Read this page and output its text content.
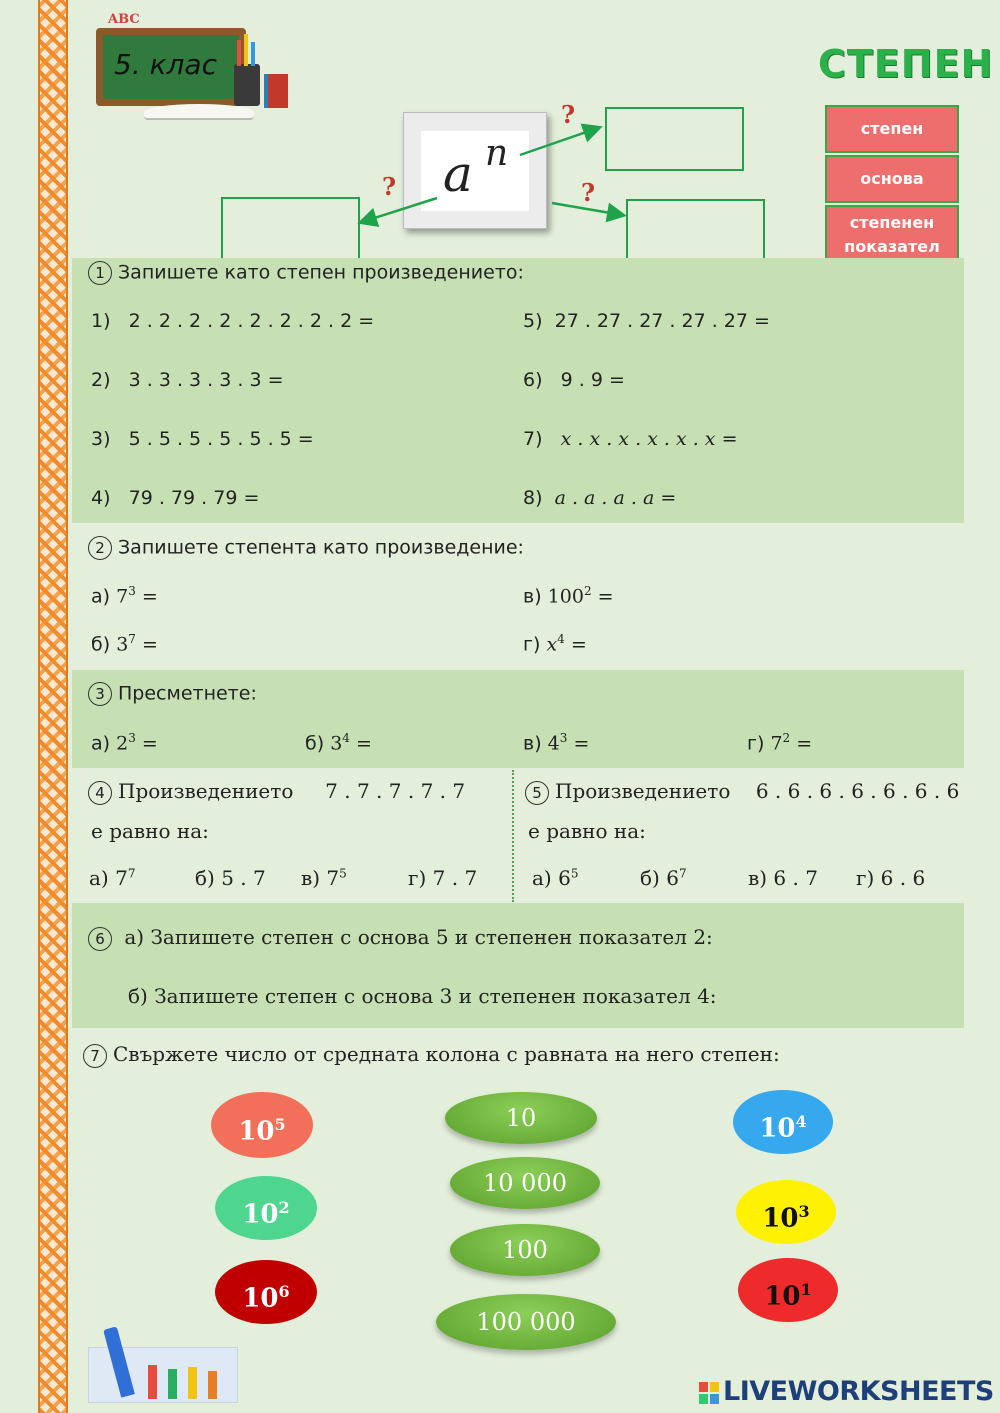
ABC
5. клас	СТЕПЕН
a n
?
?	?
степен
основа
степенен показател
1 Запишете като степен произведението:
1) 2 . 2 . 2 . 2 . 2 . 2 . 2 . 2 =
2) 3 . 3 . 3 . 3 . 3 =
3) 5 . 5 . 5 . 5 . 5 . 5 =
4) 79 . 79 . 79 =
5) 27 . 27 . 27 . 27 . 27 =
6) 9 . 9 =
7) x . x . x . x . x . x =
8) a . a . a . a =
2 Запишете степента като произведение:
а) $7^3$ =
б) $3^7$ =
в) $100^2$ =
г) $x^4$ =
3 Пресметнете:
а) $2^3$ =	б) $3^4$ =	в) $4^3$ =	г) $7^2$ =
4 Произведението 7 . 7 . 7 . 7 . 7
е равно на:
а) $7^7$	б) 5 . 7 в) $7^5$	г) 7 . 7
5 Произведението 6 . 6 . 6 . 6 . 6 . 6 . 6
е равно на:
а) $6^5$	б) $6^7$	в) 6 . 7 г) 6 . 6
6 а) Запишете степен с основа 5 и степенен показател 2:
б) Запишете степен с основа 3 и степенен показател 4:
7 Свържете число от средната колона с равната на него степен:
$10^5$
$10^2$
$10^6$
10
10 000
100
100 000
$10^4$
$10^3$
$10^1$
LIVEWORKSHEETS
